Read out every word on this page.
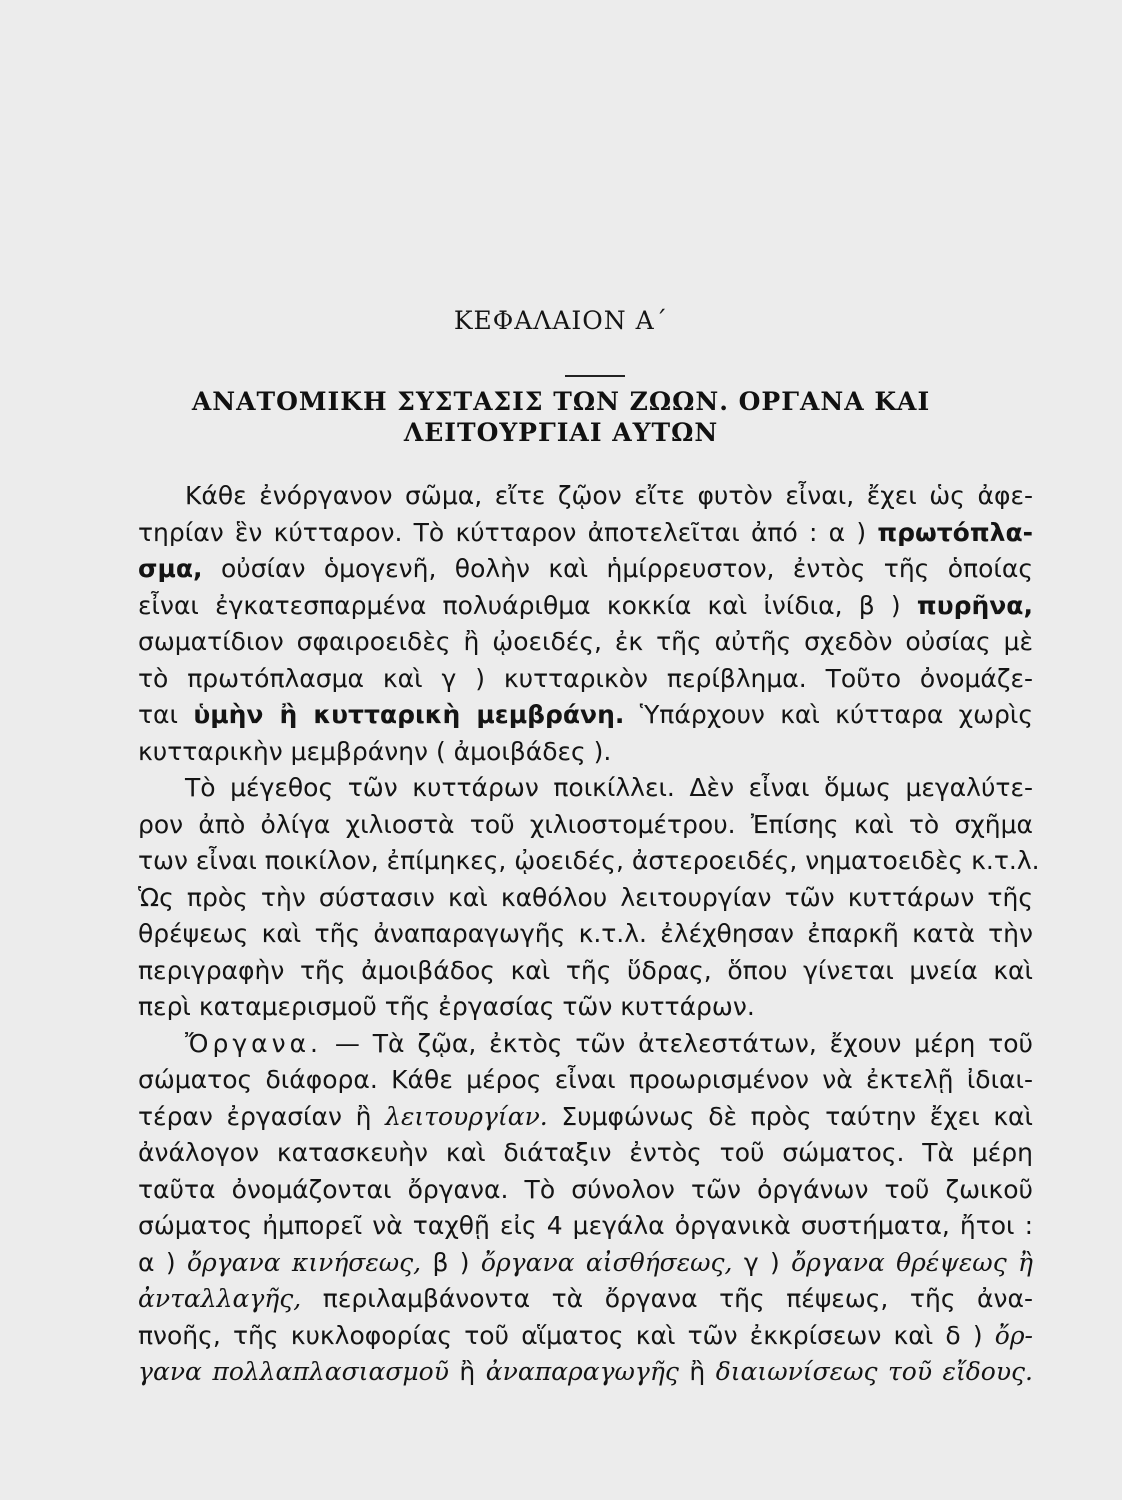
ΚΕΦΑΛΑΙΟΝ Α΄
ΑΝΑΤΟΜΙΚΗ ΣΥΣΤΑΣΙΣ ΤΩΝ ΖΩΩΝ. ΟΡΓΑΝΑ ΚΑΙ
ΛΕΙΤΟΥΡΓΙΑΙ ΑΥΤΩΝ
Κάθε ἐνόργανον σῶμα, εἴτε ζῷον εἴτε φυτὸν εἶναι, ἔχει ὡς ἀφε-
τηρίαν ἓν κύτταρον. Τὸ κύτταρον ἀποτελεῖται ἀπό : α ) πρωτόπλα-
σμα, οὐσίαν ὁμογενῆ, θολὴν καὶ ἡμίρρευστον, ἐντὸς τῆς ὁποίας
εἶναι ἐγκατεσπαρμένα πολυάριθμα κοκκία καὶ ἰνίδια, β ) πυρῆνα,
σωματίδιον σφαιροειδὲς ἢ ᾠοειδές, ἐκ τῆς αὐτῆς σχεδὸν οὐσίας μὲ
τὸ πρωτόπλασμα καὶ γ ) κυτταρικὸν περίβλημα. Τοῦτο ὀνομάζε-
ται ὑμὴν ἢ κυτταρικὴ μεμβράνη. Ὑπάρχουν καὶ κύτταρα χωρὶς
κυτταρικὴν μεμβράνην ( ἀμοιβάδες ).
Τὸ μέγεθος τῶν κυττάρων ποικίλλει. Δὲν εἶναι ὅμως μεγαλύτε-
ρον ἀπὸ ὀλίγα χιλιοστὰ τοῦ χιλιοστομέτρου. Ἐπίσης καὶ τὸ σχῆμα
των εἶναι ποικίλον, ἐπίμηκες, ᾠοειδές, ἀστεροειδές, νηματοειδὲς κ.τ.λ.
Ὡς πρὸς τὴν σύστασιν καὶ καθόλου λειτουργίαν τῶν κυττάρων τῆς
θρέψεως καὶ τῆς ἀναπαραγωγῆς κ.τ.λ. ἐλέχθησαν ἐπαρκῆ κατὰ τὴν
περιγραφὴν τῆς ἀμοιβάδος καὶ τῆς ὕδρας, ὅπου γίνεται μνεία καὶ
περὶ καταμερισμοῦ τῆς ἐργασίας τῶν κυττάρων.
Ὄργανα. — Τὰ ζῷα, ἐκτὸς τῶν ἀτελεστάτων, ἔχουν μέρη τοῦ
σώματος διάφορα. Κάθε μέρος εἶναι προωρισμένον νὰ ἐκτελῇ ἰδιαι-
τέραν ἐργασίαν ἢ λειτουργίαν. Συμφώνως δὲ πρὸς ταύτην ἔχει καὶ
ἀνάλογον κατασκευὴν καὶ διάταξιν ἐντὸς τοῦ σώματος. Τὰ μέρη
ταῦτα ὀνομάζονται ὄργανα. Τὸ σύνολον τῶν ὀργάνων τοῦ ζωικοῦ
σώματος ἠμπορεῖ νὰ ταχθῇ εἰς 4 μεγάλα ὀργανικὰ συστήματα, ἤτοι :
α ) ὄργανα κινήσεως, β ) ὄργανα αἰσθήσεως, γ ) ὄργανα θρέψεως ἢ
ἀνταλλαγῆς, περιλαμβάνοντα τὰ ὄργανα τῆς πέψεως, τῆς ἀνα-
πνοῆς, τῆς κυκλοφορίας τοῦ αἵματος καὶ τῶν ἐκκρίσεων καὶ δ ) ὄρ-
γανα πολλαπλασιασμοῦ ἢ ἀναπαραγωγῆς ἢ διαιωνίσεως τοῦ εἴδους.
